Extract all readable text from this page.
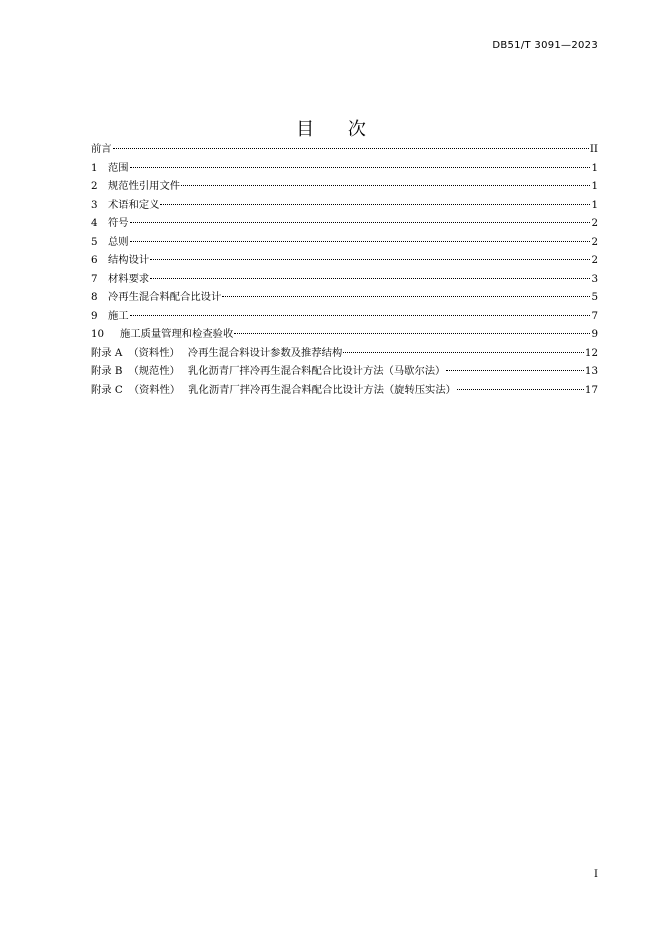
DB51/T 3091—2023
目 次
前言	II
1	范围	1
2	规范性引用文件	1
3	术语和定义	1
4	符号	2
5	总则	2
6	结构设计	2
7	材料要求	3
8	冷再生混合料配合比设计	5
9	施工	7
10	施工质量管理和检查验收	9
附录 A （资料性） 冷再生混合料设计参数及推荐结构	12
附录 B （规范性） 乳化沥青厂拌冷再生混合料配合比设计方法（马歇尔法）	13
附录 C （资料性） 乳化沥青厂拌冷再生混合料配合比设计方法（旋转压实法）	17
I
